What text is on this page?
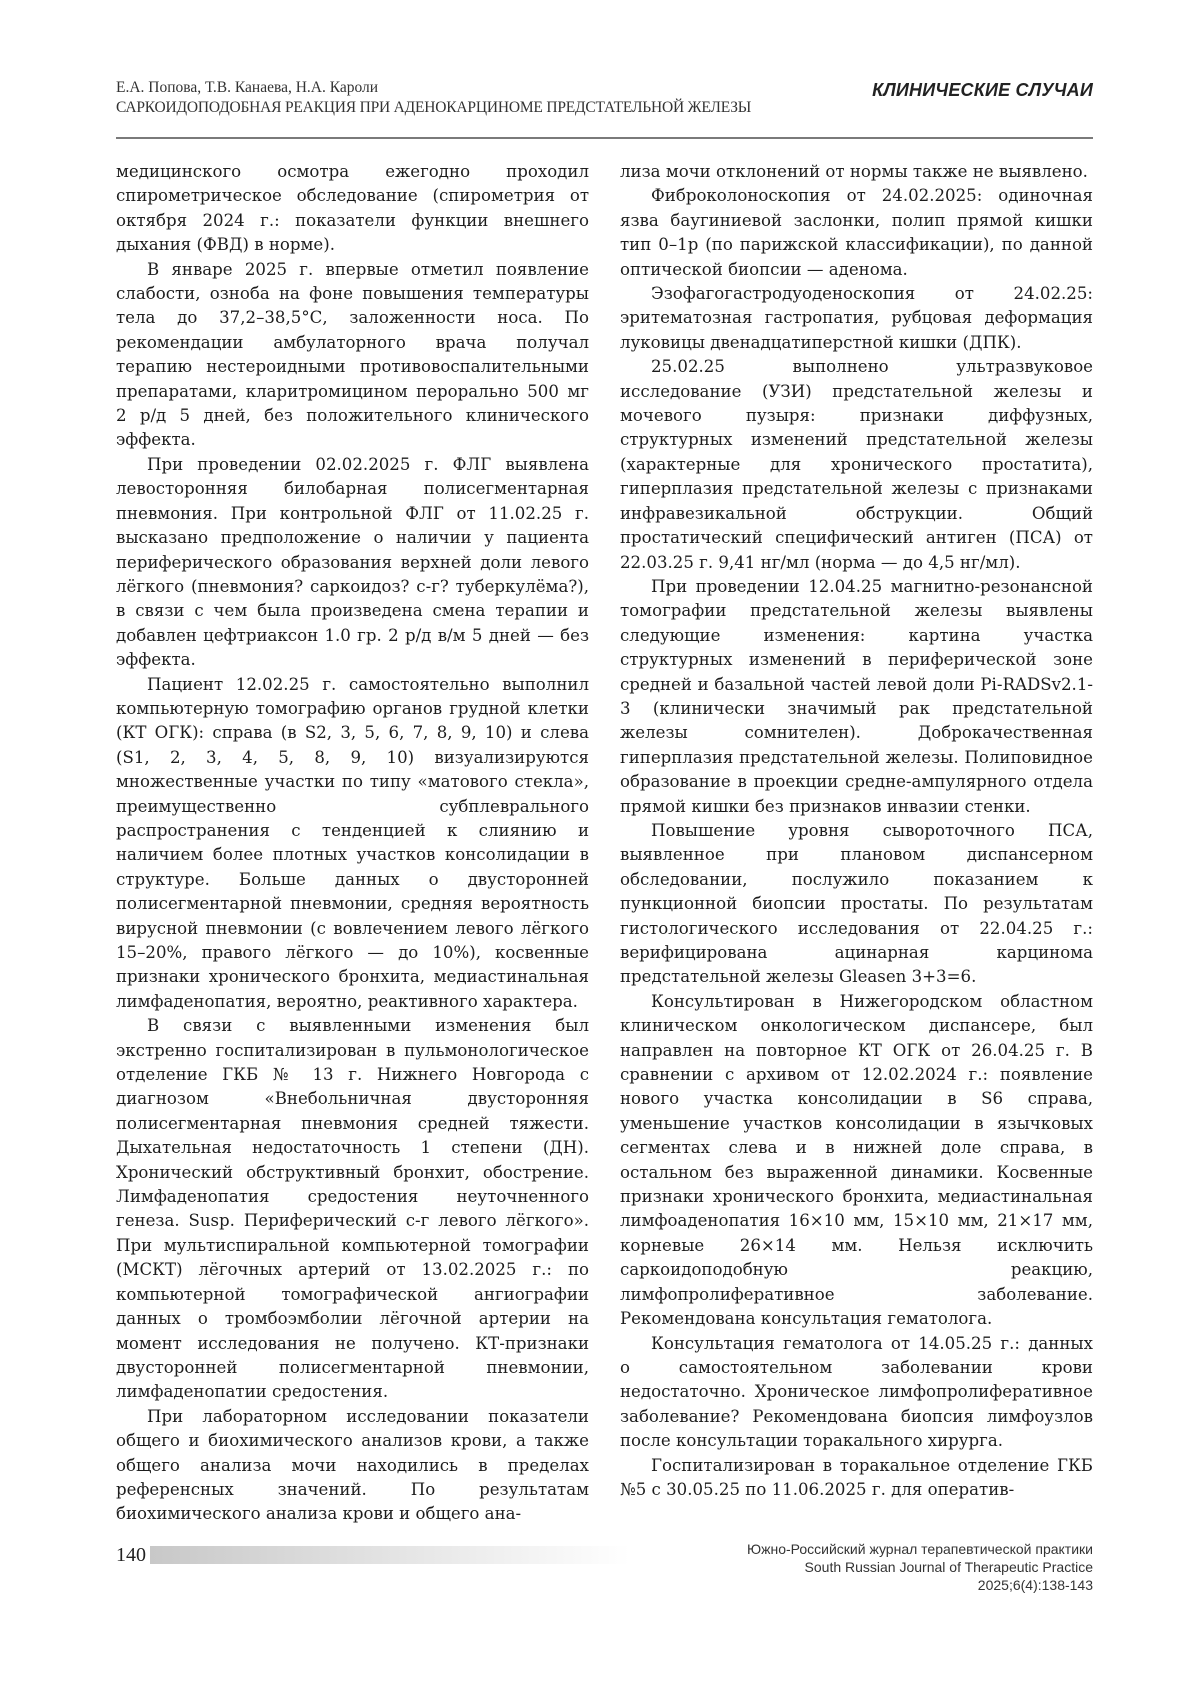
Е.А. Попова, Т.В. Канаева, Н.А. Кароли
САРКОИДОПОДОБНАЯ РЕАКЦИЯ ПРИ АДЕНОКАРЦИНОМЕ ПРЕДСТАТЕЛЬНОЙ ЖЕЛЕЗЫ
КЛИНИЧЕСКИЕ СЛУЧАИ

медицинского осмотра ежегодно проходил спирометрическое обследование (спирометрия от октября 2024 г.: показатели функции внешнего дыхания (ФВД) в норме).

В январе 2025 г. впервые отметил появление слабости, озноба на фоне повышения температуры тела до 37,2–38,5°С, заложенности носа. По рекомендации амбулаторного врача получал терапию нестероидными противовоспалительными препаратами, кларитромицином перорально 500 мг 2 р/д 5 дней, без положительного клинического эффекта.

При проведении 02.02.2025 г. ФЛГ выявлена левосторонняя билобарная полисегментарная пневмония. При контрольной ФЛГ от 11.02.25 г. высказано предположение о наличии у пациента периферического образования верхней доли левого лёгкого (пневмония? саркоидоз? с-г? туберкулёма?), в связи с чем была произведена смена терапии и добавлен цефтриаксон 1.0 гр. 2 р/д в/м 5 дней — без эффекта.

Пациент 12.02.25 г. самостоятельно выполнил компьютерную томографию органов грудной клетки (КТ ОГК): справа (в S2, 3, 5, 6, 7, 8, 9, 10) и слева (S1, 2, 3, 4, 5, 8, 9, 10) визуализируются множественные участки по типу «матового стекла», преимущественно субплеврального распространения с тенденцией к слиянию и наличием более плотных участков консолидации в структуре. Больше данных о двусторонней полисегментарной пневмонии, средняя вероятность вирусной пневмонии (с вовлечением левого лёгкого 15–20%, правого лёгкого — до 10%), косвенные признаки хронического бронхита, медиастинальная лимфаденопатия, вероятно, реактивного характера.

В связи с выявленными изменения был экстренно госпитализирован в пульмонологическое отделение ГКБ № 13 г. Нижнего Новгорода с диагнозом «Внебольничная двусторонняя полисегментарная пневмония средней тяжести. Дыхательная недостаточность 1 степени (ДН). Хронический обструктивный бронхит, обострение. Лимфаденопатия средостения неуточненного генеза. Susp. Периферический с-г левого лёгкого». При мультиспиральной компьютерной томографии (МСКТ) лёгочных артерий от 13.02.2025 г.: по компьютерной томографической ангиографии данных о тромбоэмболии лёгочной артерии на момент исследования не получено. КТ-признаки двусторонней полисегментарной пневмонии, лимфаденопатии средостения.

При лабораторном исследовании показатели общего и биохимического анализов крови, а также общего анализа мочи находились в пределах референсных значений. По результатам биохимического анализа крови и общего ана-

лиза мочи отклонений от нормы также не выявлено.

Фиброколоноскопия от 24.02.2025: одиночная язва баугиниевой заслонки, полип прямой кишки тип 0–1p (по парижской классификации), по данной оптической биопсии — аденома.

Эзофагогастродуоденоскопия от 24.02.25: эритематозная гастропатия, рубцовая деформация луковицы двенадцатиперстной кишки (ДПК).

25.02.25 выполнено ультразвуковое исследование (УЗИ) предстательной железы и мочевого пузыря: признаки диффузных, структурных изменений предстательной железы (характерные для хронического простатита), гиперплазия предстательной железы с признаками инфравезикальной обструкции. Общий простатический специфический антиген (ПСА) от 22.03.25 г. 9,41 нг/мл (норма — до 4,5 нг/мл).

При проведении 12.04.25 магнитно-резонансной томографии предстательной железы выявлены следующие изменения: картина участка структурных изменений в периферической зоне средней и базальной частей левой доли Pi-RADSv2.1-3 (клинически значимый рак предстательной железы сомнителен). Доброкачественная гиперплазия предстательной железы. Полиповидное образование в проекции средне-ампулярного отдела прямой кишки без признаков инвазии стенки.

Повышение уровня сывороточного ПСА, выявленное при плановом диспансерном обследовании, послужило показанием к пункционной биопсии простаты. По результатам гистологического исследования от 22.04.25 г.: верифицирована ацинарная карцинома предстательной железы Gleasen 3+3=6.

Консультирован в Нижегородском областном клиническом онкологическом диспансере, был направлен на повторное КТ ОГК от 26.04.25 г. В сравнении с архивом от 12.02.2024 г.: появление нового участка консолидации в S6 справа, уменьшение участков консолидации в язычковых сегментах слева и в нижней доле справа, в остальном без выраженной динамики. Косвенные признаки хронического бронхита, медиастинальная лимфоаденопатия 16×10 мм, 15×10 мм, 21×17 мм, корневые 26×14 мм. Нельзя исключить саркоидоподобную реакцию, лимфопролиферативное заболевание. Рекомендована консультация гематолога.

Консультация гематолога от 14.05.25 г.: данных о самостоятельном заболевании крови недостаточно. Хроническое лимфопролиферативное заболевание? Рекомендована биопсия лимфоузлов после консультации торакального хирурга.

Госпитализирован в торакальное отделение ГКБ №5 с 30.05.25 по 11.06.2025 г. для оператив-

140	Южно-Российский журнал терапевтической практики
South Russian Journal of Therapeutic Practice
2025;6(4):138-143
